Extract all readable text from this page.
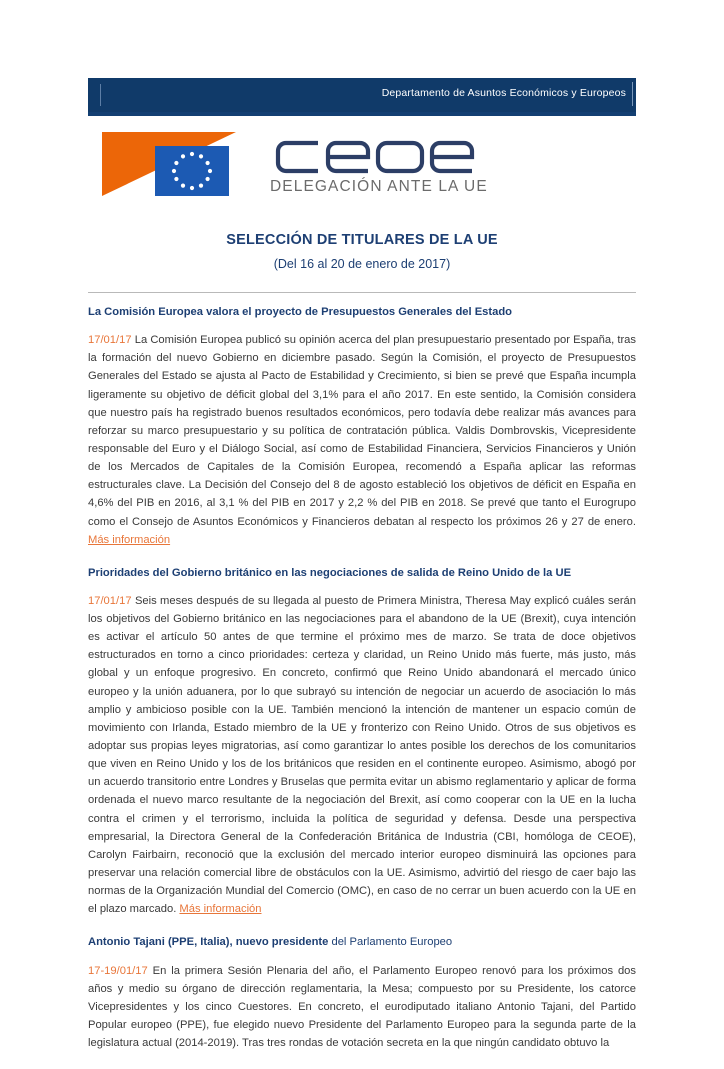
Departamento de Asuntos Económicos y Europeos
DELEGACIÓN ANTE LA UE
SELECCIÓN DE TITULARES DE LA UE
(Del 16 al 20 de enero de 2017)
La Comisión Europea valora el proyecto de Presupuestos Generales del Estado

17/01/17 La Comisión Europea publicó su opinión acerca del plan presupuestario presentado por España, tras la formación del nuevo Gobierno en diciembre pasado. Según la Comisión, el proyecto de Presupuestos Generales del Estado se ajusta al Pacto de Estabilidad y Crecimiento, si bien se prevé que España incumpla ligeramente su objetivo de déficit global del 3,1% para el año 2017. En este sentido, la Comisión considera que nuestro país ha registrado buenos resultados económicos, pero todavía debe realizar más avances para reforzar su marco presupuestario y su política de contratación pública. Valdis Dombrovskis, Vicepresidente responsable del Euro y el Diálogo Social, así como de Estabilidad Financiera, Servicios Financieros y Unión de los Mercados de Capitales de la Comisión Europea, recomendó a España aplicar las reformas estructurales clave. La Decisión del Consejo del 8 de agosto estableció los objetivos de déficit en España en 4,6% del PIB en 2016, al 3,1 % del PIB en 2017 y 2,2 % del PIB en 2018. Se prevé que tanto el Eurogrupo como el Consejo de Asuntos Económicos y Financieros debatan al respecto los próximos 26 y 27 de enero. Más información

Prioridades del Gobierno británico en las negociaciones de salida de Reino Unido de la UE

17/01/17 Seis meses después de su llegada al puesto de Primera Ministra, Theresa May explicó cuáles serán los objetivos del Gobierno británico en las negociaciones para el abandono de la UE (Brexit), cuya intención es activar el artículo 50 antes de que termine el próximo mes de marzo. Se trata de doce objetivos estructurados en torno a cinco prioridades: certeza y claridad, un Reino Unido más fuerte, más justo, más global y un enfoque progresivo. En concreto, confirmó que Reino Unido abandonará el mercado único europeo y la unión aduanera, por lo que subrayó su intención de negociar un acuerdo de asociación lo más amplio y ambicioso posible con la UE. También mencionó la intención de mantener un espacio común de movimiento con Irlanda, Estado miembro de la UE y fronterizo con Reino Unido. Otros de sus objetivos es adoptar sus propias leyes migratorias, así como garantizar lo antes posible los derechos de los comunitarios que viven en Reino Unido y los de los británicos que residen en el continente europeo. Asimismo, abogó por un acuerdo transitorio entre Londres y Bruselas que permita evitar un abismo reglamentario y aplicar de forma ordenada el nuevo marco resultante de la negociación del Brexit, así como cooperar con la UE en la lucha contra el crimen y el terrorismo, incluida la política de seguridad y defensa. Desde una perspectiva empresarial, la Directora General de la Confederación Británica de Industria (CBI, homóloga de CEOE), Carolyn Fairbairn, reconoció que la exclusión del mercado interior europeo disminuirá las opciones para preservar una relación comercial libre de obstáculos con la UE. Asimismo, advirtió del riesgo de caer bajo las normas de la Organización Mundial del Comercio (OMC), en caso de no cerrar un buen acuerdo con la UE en el plazo marcado. Más información

Antonio Tajani (PPE, Italia), nuevo presidente del Parlamento Europeo

17-19/01/17 En la primera Sesión Plenaria del año, el Parlamento Europeo renovó para los próximos dos años y medio su órgano de dirección reglamentaria, la Mesa; compuesto por su Presidente, los catorce Vicepresidentes y los cinco Cuestores. En concreto, el eurodiputado italiano Antonio Tajani, del Partido Popular europeo (PPE), fue elegido nuevo Presidente del Parlamento Europeo para la segunda parte de la legislatura actual (2014-2019). Tras tres rondas de votación secreta en la que ningún candidato obtuvo la
